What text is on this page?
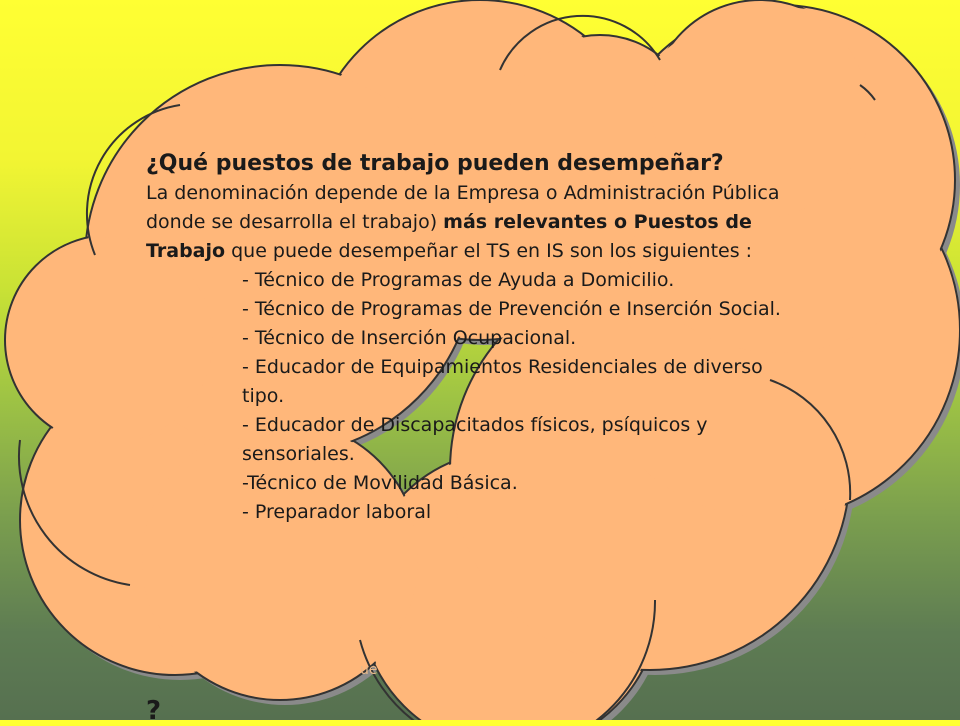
¿Qué puestos de trabajo pueden desempeñar?
La denominación depende de la Empresa o Administración Pública donde se desarrolla el trabajo) más relevantes o Puestos de Trabajo que puede desempeñar el TS en IS son los siguientes :
- Técnico de Programas de Ayuda a Domicilio.
- Técnico de Programas de Prevención e Inserción Social.
- Técnico de Inserción Ocupacional.
- Educador de Equipamientos Residenciales de diverso tipo.
- Educador de Discapacitados físicos, psíquicos y sensoriales.
-Técnico de Movilidad Básica.
- Preparador laboral
ue
?
